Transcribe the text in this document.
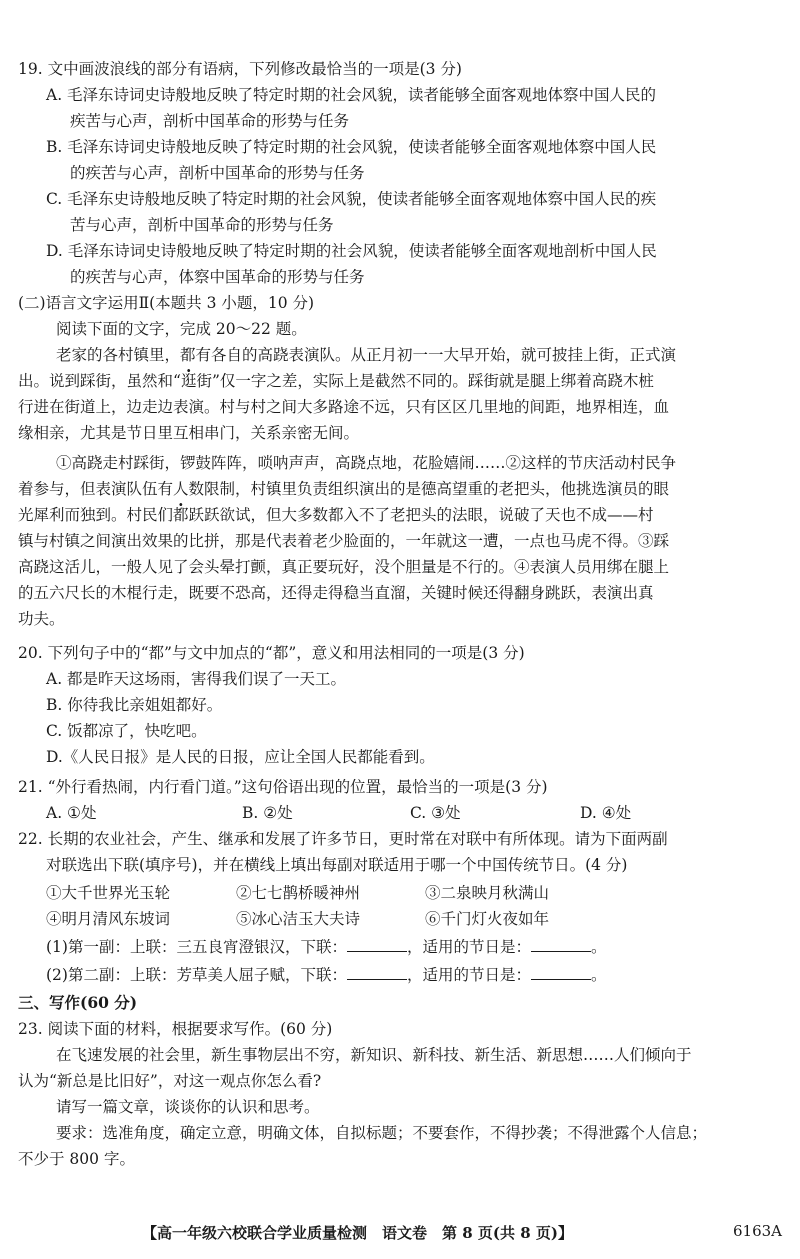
19. 文中画波浪线的部分有语病，下列修改最恰当的一项是(3 分)
A. 毛泽东诗词史诗般地反映了特定时期的社会风貌，读者能够全面客观地体察中国人民的
疾苦与心声，剖析中国革命的形势与任务
B. 毛泽东诗词史诗般地反映了特定时期的社会风貌，使读者能够全面客观地体察中国人民
的疾苦与心声，剖析中国革命的形势与任务
C. 毛泽东史诗般地反映了特定时期的社会风貌，使读者能够全面客观地体察中国人民的疾
苦与心声，剖析中国革命的形势与任务
D. 毛泽东诗词史诗般地反映了特定时期的社会风貌，使读者能够全面客观地剖析中国人民
的疾苦与心声，体察中国革命的形势与任务
(二)语言文字运用Ⅱ(本题共 3 小题，10 分)
阅读下面的文字，完成 20～22 题。
老家的各村镇里，都有各自的高跷表演队。从正月初一一大早开始，就可披挂上街，正式演
出。说到踩街，虽然和“逛街”仅一字之差，实际上是截然不同的。踩街就是腿上绑着高跷木桩
行进在街道上，边走边表演。村与村之间大多路途不远，只有区区几里地的间距，地界相连，血
缘相亲，尤其是节日里互相串门，关系亲密无间。
①高跷走村踩街，锣鼓阵阵，唢呐声声，高跷点地，花脸嬉闹……②这样的节庆活动村民争
着参与，但表演队伍有人数限制，村镇里负责组织演出的是德高望重的老把头，他挑选演员的眼
光犀利而独到。村民们都跃跃欲试，但大多数都入不了老把头的法眼，说破了天也不成——村
镇与村镇之间演出效果的比拼，那是代表着老少脸面的，一年就这一遭，一点也马虎不得。③踩
高跷这活儿，一般人见了会头晕打颤，真正要玩好，没个胆量是不行的。④表演人员用绑在腿上
的五六尺长的木棍行走，既要不恐高，还得走得稳当直溜，关键时候还得翻身跳跃，表演出真
功夫。
20. 下列句子中的“都”与文中加点的“都”，意义和用法相同的一项是(3 分)
A. 都是昨天这场雨，害得我们误了一天工。
B. 你待我比亲姐姐都好。
C. 饭都凉了，快吃吧。
D.《人民日报》是人民的日报，应让全国人民都能看到。
21. “外行看热闹，内行看门道。”这句俗语出现的位置，最恰当的一项是(3 分)
A. ①处	B. ②处	C. ③处	D. ④处
22. 长期的农业社会，产生、继承和发展了许多节日，更时常在对联中有所体现。请为下面两副
对联选出下联(填序号)，并在横线上填出每副对联适用于哪一个中国传统节日。(4 分)
①大千世界光玉轮	②七七鹊桥暖神州	③二泉映月秋满山
④明月清风东坡词	⑤冰心洁玉大夫诗	⑥千门灯火夜如年
(1)第一副：上联：三五良宵澄银汉，下联：	，适用的节日是：	。
(2)第二副：上联：芳草美人屈子赋，下联：	，适用的节日是：	。
三、写作(60 分)
23. 阅读下面的材料，根据要求写作。(60 分)
在飞速发展的社会里，新生事物层出不穷，新知识、新科技、新生活、新思想……人们倾向于
认为“新总是比旧好”，对这一观点你怎么看?
请写一篇文章，谈谈你的认识和思考。
要求：选准角度，确定立意，明确文体，自拟标题；不要套作，不得抄袭；不得泄露个人信息；
不少于 800 字。
【高一年级六校联合学业质量检测　语文卷　第 8 页(共 8 页)】	6163A
